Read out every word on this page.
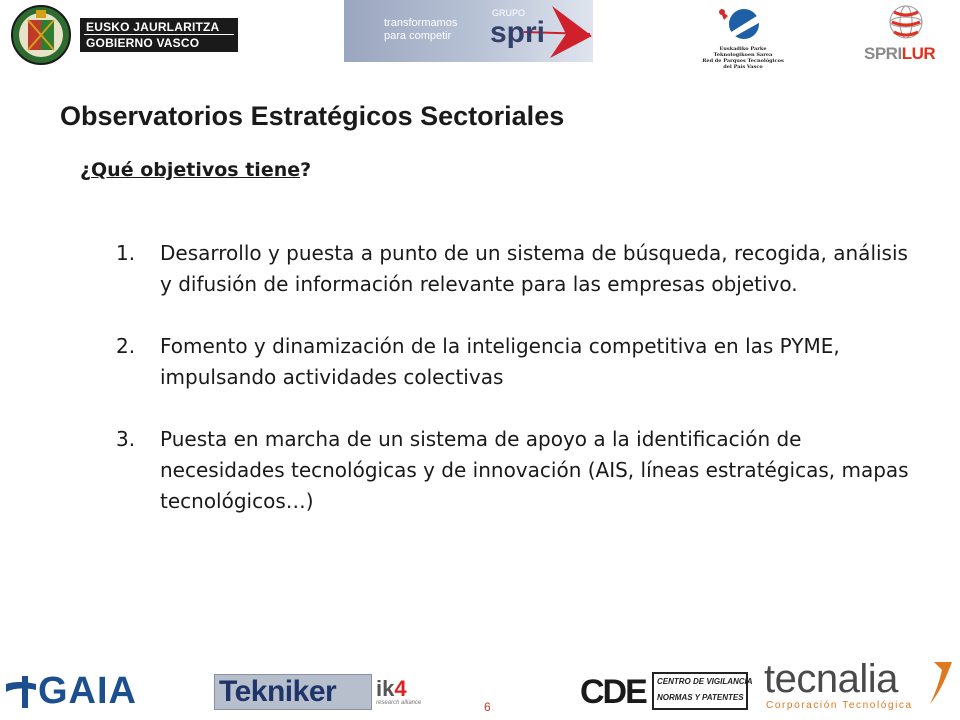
EUSKO JAURLARITZA
GOBIERNO VASCO
transformamos
para competir
GRUPO
spri	Euskadiko Parke
Teknologikoen Sarea
Red de Parques Tecnológicos
del País Vasco
SPRILUR
Observatorios Estratégicos Sectoriales
¿Qué objetivos tiene?
1. Desarrollo y puesta a punto de un sistema de búsqueda, recogida, análisis y difusión de información relevante para las empresas objetivo.
2. Fomento y dinamización de la inteligencia competitiva en las PYME, impulsando actividades colectivas
3. Puesta en marcha de un sistema de apoyo a la identificación de necesidades tecnológicas y de innovación (AIS, líneas estratégicas, mapas tecnológicos…)
GAIA	Tekniker ik4
research alliance	6	CDE CENTRO DE VIGILANCIA
NORMAS Y PATENTES tecnalia
Corporación Tecnológica
